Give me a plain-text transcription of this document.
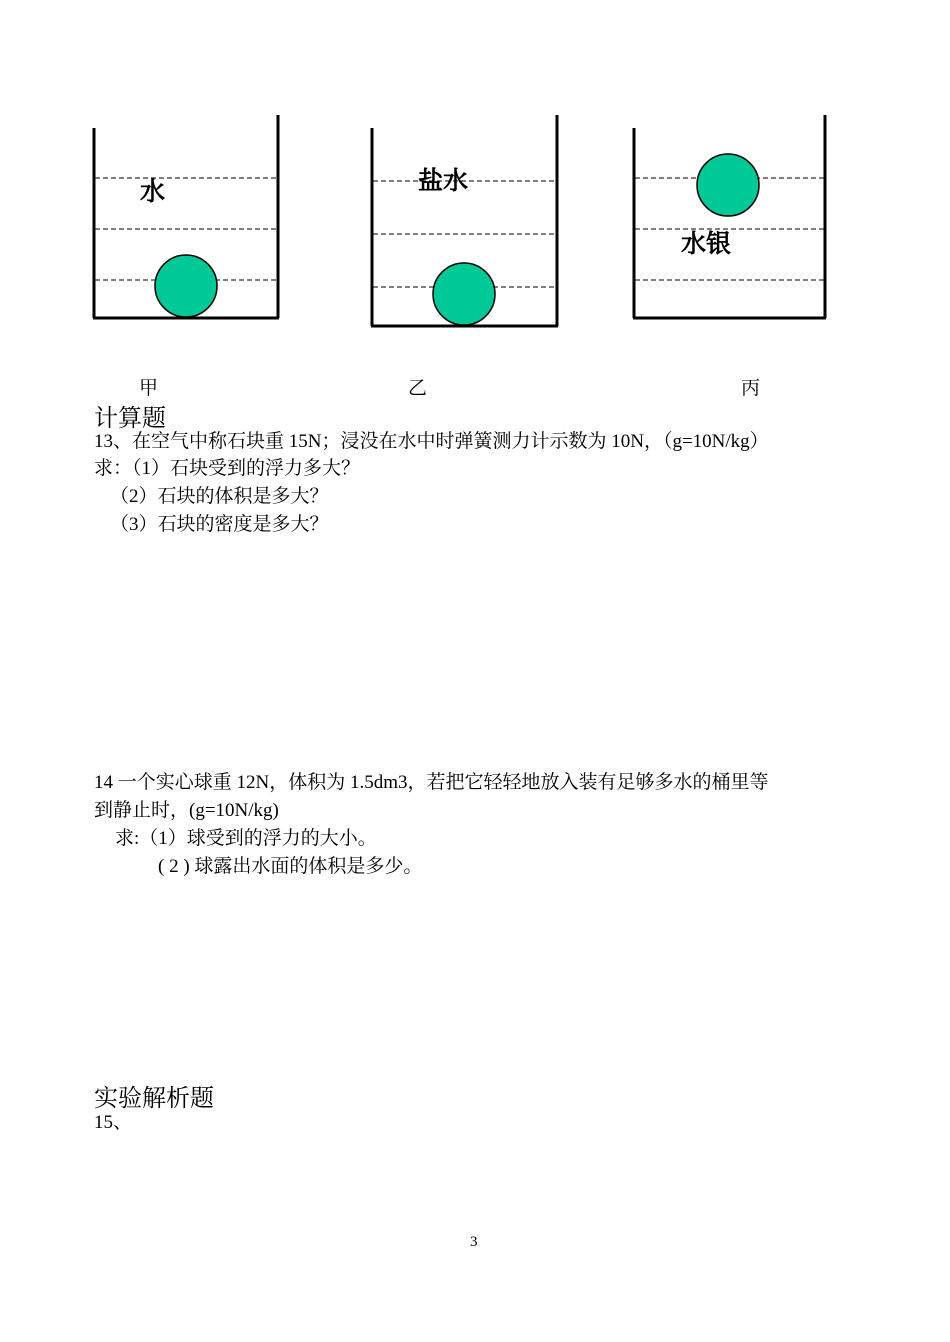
水	盐水
水银
甲	乙	丙
计算题
13、在空气中称石块重 15N；浸没在水中时弹簧测力计示数为 10N，（g=10N/kg）
求：（1）石块受到的浮力多大？
（2）石块的体积是多大？
（3）石块的密度是多大？
14 一个实心球重 12N，体积为 1.5dm3，若把它轻轻地放入装有足够多水的桶里等
到静止时，(g=10N/kg)
求:（1）球受到的浮力的大小。
( 2 ) 球露出水面的体积是多少。
实验解析题
15、
3
